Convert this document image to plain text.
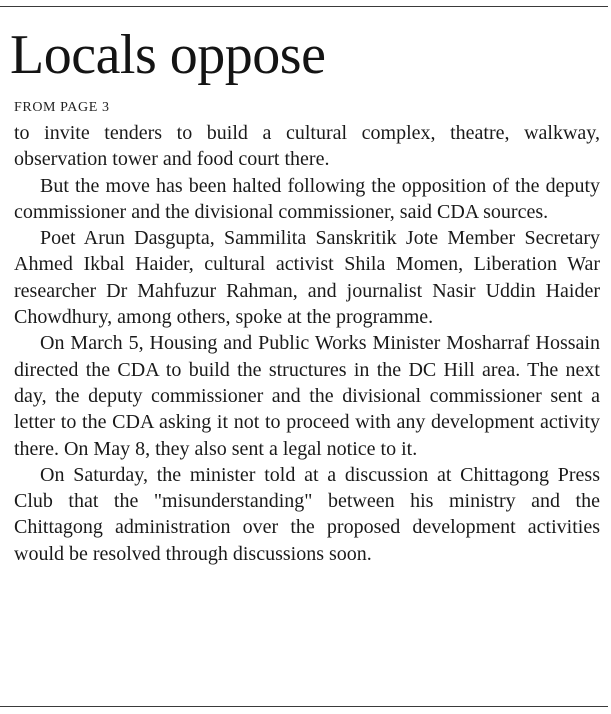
Locals oppose
FROM PAGE 3

to invite tenders to build a cultural complex, theatre, walkway, observation tower and food court there.

But the move has been halted following the opposition of the deputy commissioner and the divisional commissioner, said CDA sources.

Poet Arun Dasgupta, Sammilita Sanskritik Jote Member Secretary Ahmed Ikbal Haider, cultural activist Shila Momen, Liberation War researcher Dr Mahfuzur Rahman, and journalist Nasir Uddin Haider Chowdhury, among others, spoke at the programme.

On March 5, Housing and Public Works Minister Mosharraf Hossain directed the CDA to build the structures in the DC Hill area. The next day, the deputy commissioner and the divisional commissioner sent a letter to the CDA asking it not to proceed with any development activity there. On May 8, they also sent a legal notice to it.

On Saturday, the minister told at a discussion at Chittagong Press Club that the "misunderstanding" between his ministry and the Chittagong administration over the proposed development activities would be resolved through discussions soon.
